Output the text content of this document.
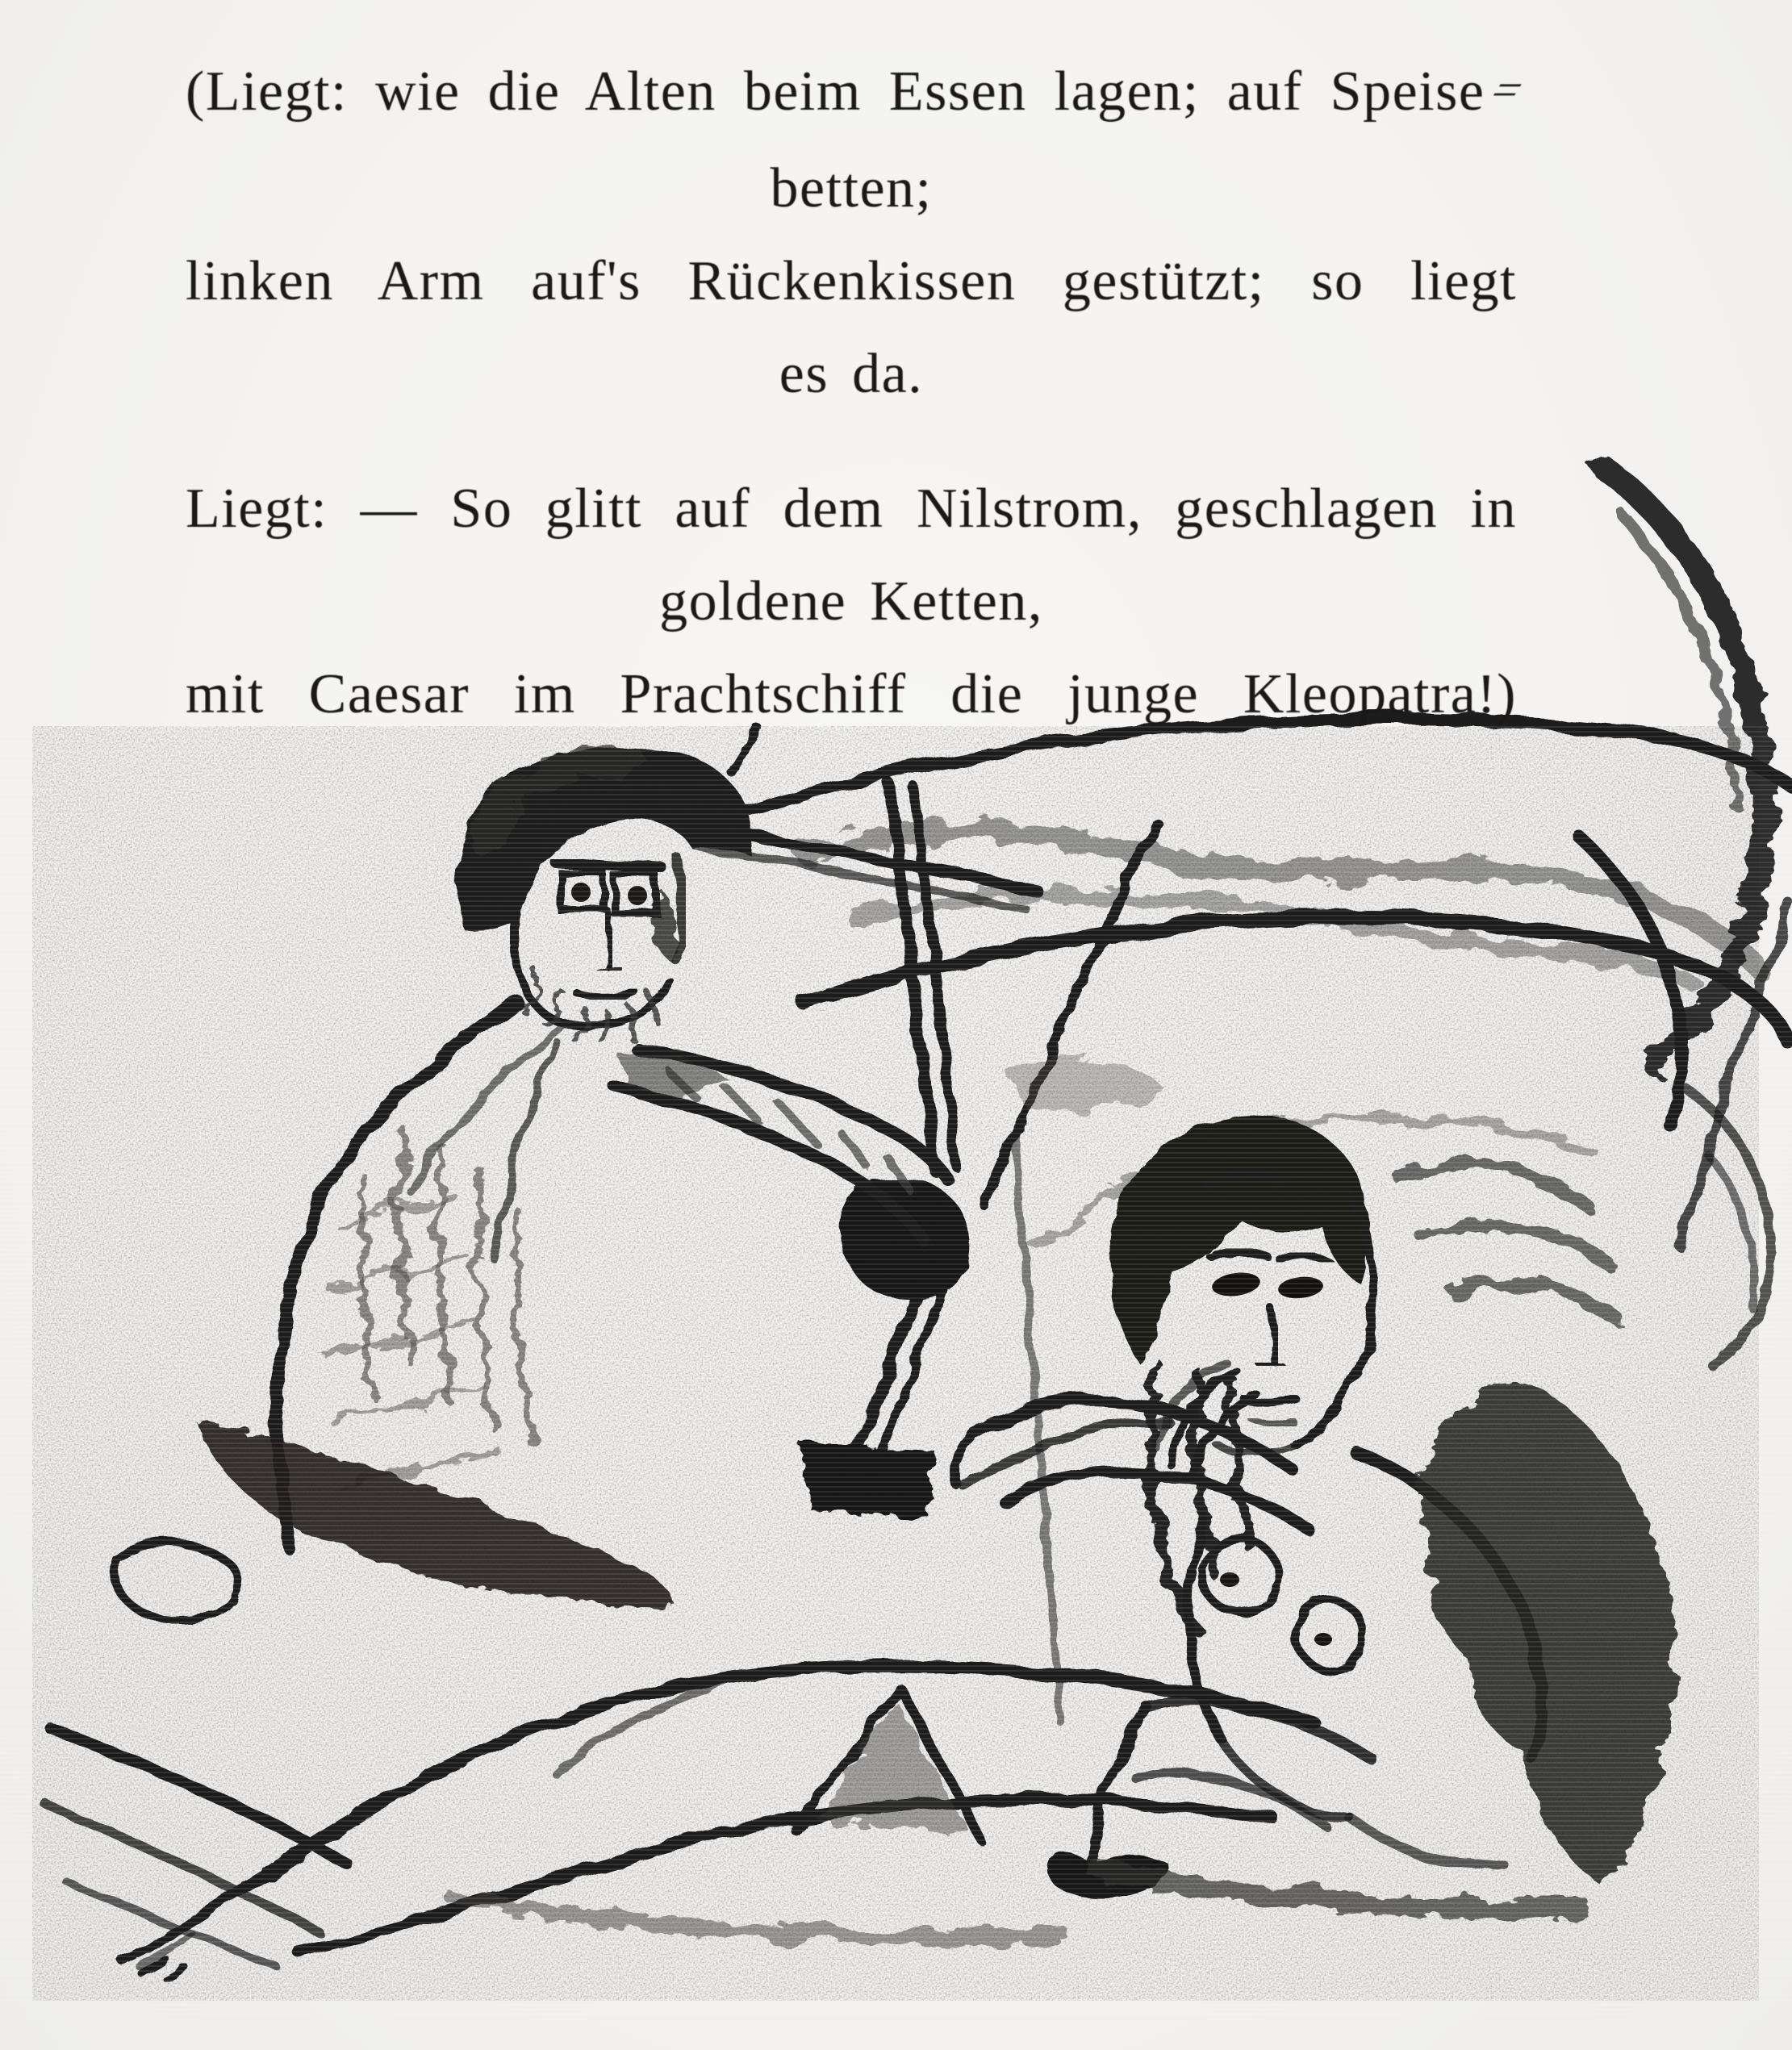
(Liegt: wie die Alten beim Essen lagen; auf Speise=
betten;
linken Arm auf's Rückenkissen gestützt; so liegt
es da.
Liegt: — So glitt auf dem Nilstrom, geschlagen in
goldene Ketten,
mit Caesar im Prachtschiff die junge Kleopatra!)
